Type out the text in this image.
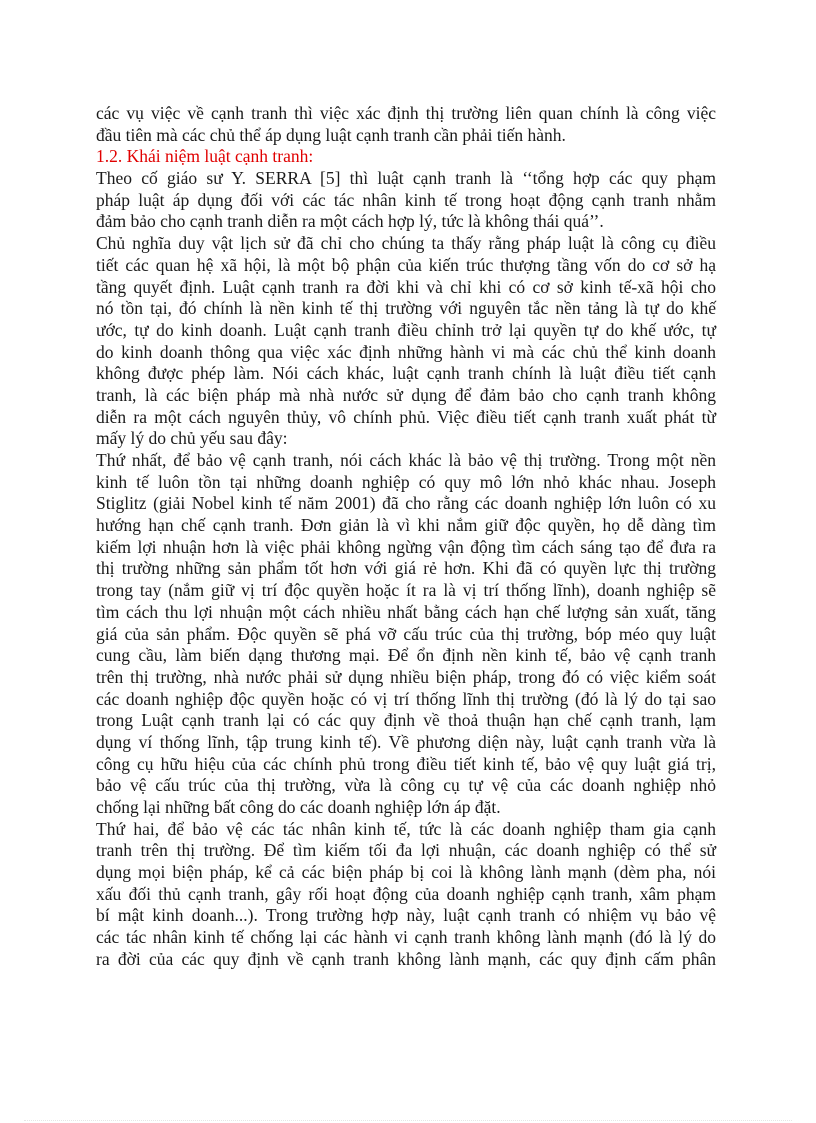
các vụ việc về cạnh tranh thì việc xác định thị trường liên quan chính là công việc
đầu tiên mà các chủ thể áp dụng luật cạnh tranh cần phải tiến hành.
1.2. Khái niệm luật cạnh tranh:
Theo cố giáo sư Y. SERRA [5] thì luật cạnh tranh là ‘‘tổng hợp các quy phạm
pháp luật áp dụng đối với các tác nhân kinh tế trong hoạt động cạnh tranh nhằm
đảm bảo cho cạnh tranh diễn ra một cách hợp lý, tức là không thái quá’’.
Chủ nghĩa duy vật lịch sử đã chỉ cho chúng ta thấy rằng pháp luật là công cụ điều
tiết các quan hệ xã hội, là một bộ phận của kiến trúc thượng tầng vốn do cơ sở hạ
tầng quyết định. Luật cạnh tranh ra đời khi và chỉ khi có cơ sở kinh tế-xã hội cho
nó tồn tại, đó chính là nền kinh tế thị trường với nguyên tắc nền tảng là tự do khế
ước, tự do kinh doanh. Luật cạnh tranh điều chỉnh trở lại quyền tự do khế ước, tự
do kinh doanh thông qua việc xác định những hành vi mà các chủ thể kinh doanh
không được phép làm. Nói cách khác, luật cạnh tranh chính là luật điều tiết cạnh
tranh, là các biện pháp mà nhà nước sử dụng để đảm bảo cho cạnh tranh không
diễn ra một cách nguyên thủy, vô chính phủ. Việc điều tiết cạnh tranh xuất phát từ
mấy lý do chủ yếu sau đây:
Thứ nhất, để bảo vệ cạnh tranh, nói cách khác là bảo vệ thị trường. Trong một nền
kinh tế luôn tồn tại những doanh nghiệp có quy mô lớn nhỏ khác nhau. Joseph
Stiglitz (giải Nobel kinh tế năm 2001) đã cho rằng các doanh nghiệp lớn luôn có xu
hướng hạn chế cạnh tranh. Đơn giản là vì khi nắm giữ độc quyền, họ dễ dàng tìm
kiếm lợi nhuận hơn là việc phải không ngừng vận động tìm cách sáng tạo để đưa ra
thị trường những sản phẩm tốt hơn với giá rẻ hơn. Khi đã có quyền lực thị trường
trong tay (nắm giữ vị trí độc quyền hoặc ít ra là vị trí thống lĩnh), doanh nghiệp sẽ
tìm cách thu lợi nhuận một cách nhiều nhất bằng cách hạn chế lượng sản xuất, tăng
giá của sản phẩm. Độc quyền sẽ phá vỡ cấu trúc của thị trường, bóp méo quy luật
cung cầu, làm biến dạng thương mại. Để ổn định nền kinh tế, bảo vệ cạnh tranh
trên thị trường, nhà nước phải sử dụng nhiều biện pháp, trong đó có việc kiểm soát
các doanh nghiệp độc quyền hoặc có vị trí thống lĩnh thị trường (đó là lý do tại sao
trong Luật cạnh tranh lại có các quy định về thoả thuận hạn chế cạnh tranh, lạm
dụng ví thống lĩnh, tập trung kinh tế). Về phương diện này, luật cạnh tranh vừa là
công cụ hữu hiệu của các chính phủ trong điều tiết kinh tế, bảo vệ quy luật giá trị,
bảo vệ cấu trúc của thị trường, vừa là công cụ tự vệ của các doanh nghiệp nhỏ
chống lại những bất công do các doanh nghiệp lớn áp đặt.
Thứ hai, để bảo vệ các tác nhân kinh tế, tức là các doanh nghiệp tham gia cạnh
tranh trên thị trường. Để tìm kiếm tối đa lợi nhuận, các doanh nghiệp có thể sử
dụng mọi biện pháp, kể cả các biện pháp bị coi là không lành mạnh (dèm pha, nói
xấu đối thủ cạnh tranh, gây rối hoạt động của doanh nghiệp cạnh tranh, xâm phạm
bí mật kinh doanh...). Trong trường hợp này, luật cạnh tranh có nhiệm vụ bảo vệ
các tác nhân kinh tế chống lại các hành vi cạnh tranh không lành mạnh (đó là lý do
ra đời của các quy định về cạnh tranh không lành mạnh, các quy định cấm phân
